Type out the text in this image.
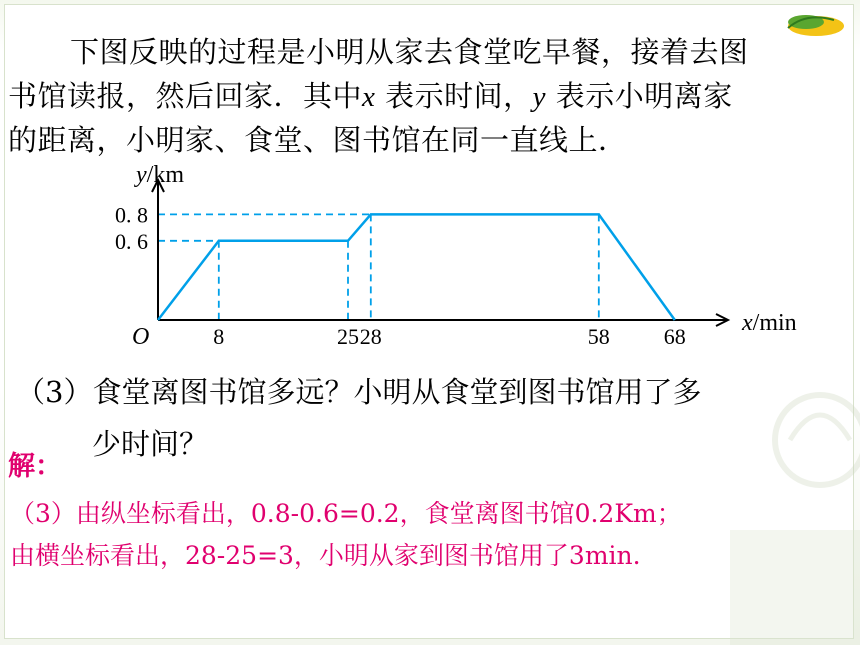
下图反映的过程是小明从家去食堂吃早餐，接着去图
书馆读报，然后回家．其中x 表示时间，y 表示小明离家
的距离，小明家、食堂、图书馆在同一直线上．
8	25 28	58 68
0. 6
0. 8
O
x/min
y/km
（3）食堂离图书馆多远？小明从食堂到图书馆用了多
少时间？
解：
（3）由纵坐标看出，0.8-0.6=0.2，食堂离图书馆0.2Km；
由横坐标看出，28-25=3，小明从家到图书馆用了3min.
